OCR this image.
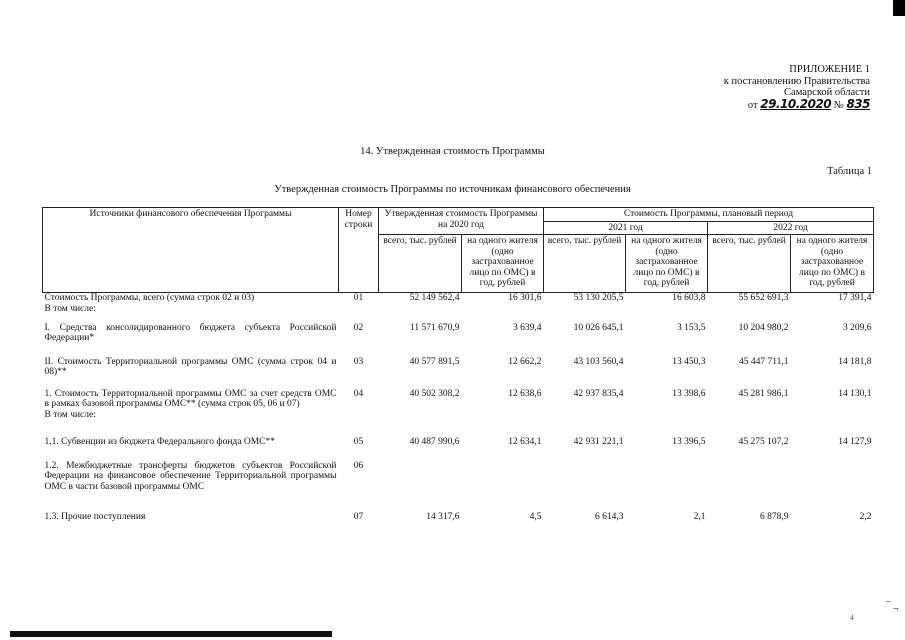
ПРИЛОЖЕНИЕ 1
к постановлению Правительства
Самарской области
от 29.10.2020 № 835
14. Утвержденная стоимость Программы
Таблица 1
Утвержденная стоимость Программы по источникам финансового обеспечения
Источники финансового обеспечения Программы	Номер строки	Утвержденная стоимость Программы на 2020 год		Стоимость Программы, плановый период			
				2021 год		2022 год	
		всего, тыс. рублей	на одного жителя (одно застрахованное лицо по ОМС) в год, рублей	всего, тыс. рублей	на одного жителя (одно застрахованное лицо по ОМС) в год, рублей	всего, тыс. рублей	на одного жителя (одно застрахованное лицо по ОМС) в год, рублей
Стоимость Программы, всего (сумма строк 02 и 03)
В том числе:	01	52 149 562,4	16 301,6	53 130 205,5	16 603,8	55 652 691,3	17 391,4
I. Средства консолидированного бюджета субъекта Российской Федерации*	02	11 571 670,9	3 639,4	10 026 645,1	3 153,5	10 204 980,2	3 209,6
II. Стоимость Территориальной программы ОМС (сумма строк 04 и 08)**	03	40 577 891,5	12 662,2	43 103 560,4	13 450,3	45 447 711,1	14 181,8
1. Стоимость Территориальной программы ОМС за счет средств ОМС в рамках базовой программы ОМС** (сумма строк 05, 06 и 07)
В том числе:	04	40 502 308,2	12 638,6	42 937 835,4	13 398,6	45 281 986,1	14 130,1
1.1. Субвенции из бюджета Федерального фонда ОМС**	05	40 487 990,6	12 634,1	42 931 221,1	13 396,5	45 275 107,2	14 127,9
1.2. Межбюджетные трансферты бюджетов субъектов Российской Федерации на финансовое обеспечение Территориальной программы ОМС в части базовой программы ОМС	06						
1.3. Прочие поступления	07	14 317,6	4,5	6 614,3	2,1	6 878,9	2,2
–
¬
4
